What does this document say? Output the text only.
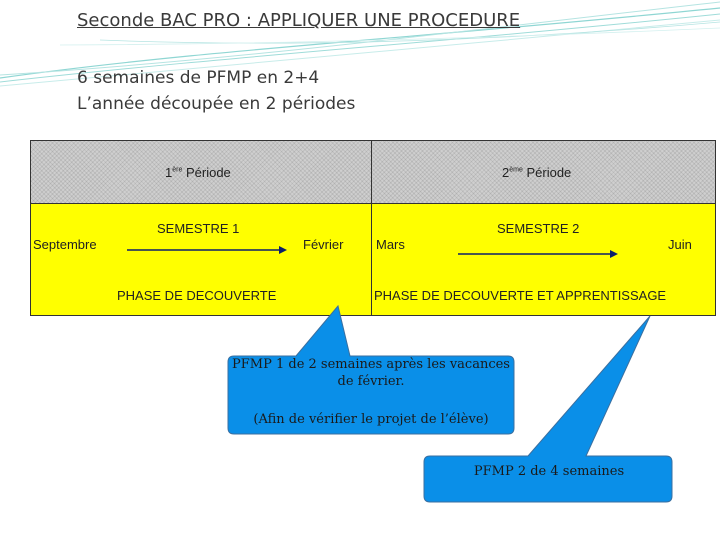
Seconde BAC PRO : APPLIQUER UNE PROCEDURE
6 semaines de PFMP en 2+4
L’année découpée en 2 périodes
1ère Période	2ème Période
SEMESTRE 1
Septembre	Février
PHASE DE DECOUVERTE
SEMESTRE 2
Mars	Juin
PHASE DE DECOUVERTE ET APPRENTISSAGE
PFMP 1 de 2 semaines après les vacances de février.
(Afin de vérifier le projet de l’élève)
PFMP 2 de 4 semaines
